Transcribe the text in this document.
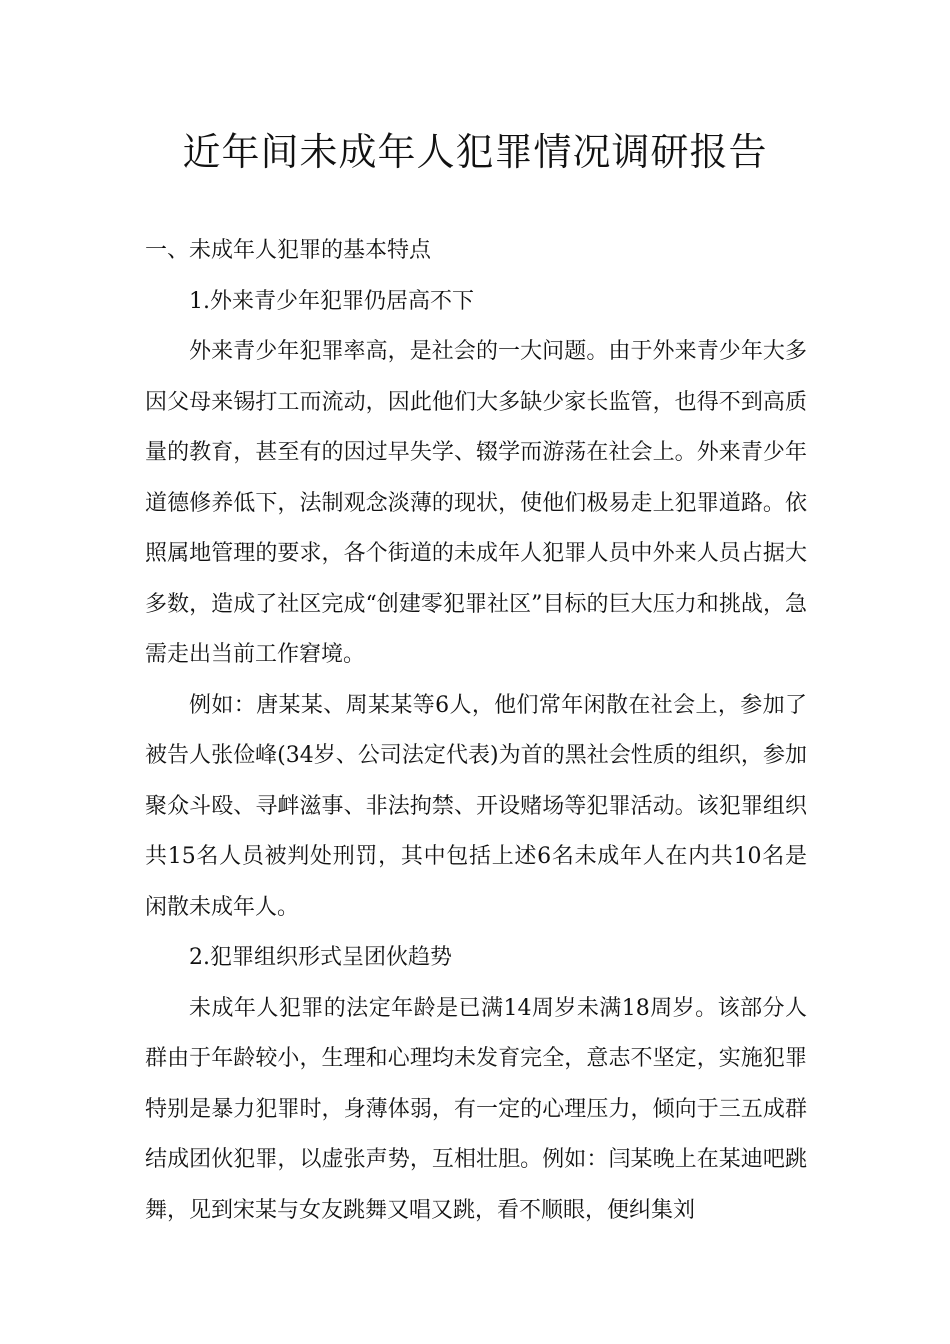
近年间未成年人犯罪情况调研报告

一、未成年人犯罪的基本特点

1.外来青少年犯罪仍居高不下

外来青少年犯罪率高，是社会的一大问题。由于外来青少年大多因父母来锡打工而流动，因此他们大多缺少家长监管，也得不到高质量的教育，甚至有的因过早失学、辍学而游荡在社会上。外来青少年道德修养低下，法制观念淡薄的现状，使他们极易走上犯罪道路。依照属地管理的要求，各个街道的未成年人犯罪人员中外来人员占据大多数，造成了社区完成“创建零犯罪社区”目标的巨大压力和挑战，急需走出当前工作窘境。

例如：唐某某、周某某等6人，他们常年闲散在社会上，参加了被告人张俭峰(34岁、公司法定代表)为首的黑社会性质的组织，参加聚众斗殴、寻衅滋事、非法拘禁、开设赌场等犯罪活动。该犯罪组织共15名人员被判处刑罚，其中包括上述6名未成年人在内共10名是闲散未成年人。

2.犯罪组织形式呈团伙趋势

未成年人犯罪的法定年龄是已满14周岁未满18周岁。该部分人群由于年龄较小，生理和心理均未发育完全，意志不坚定，实施犯罪特别是暴力犯罪时，身薄体弱，有一定的心理压力，倾向于三五成群结成团伙犯罪，以虚张声势，互相壮胆。例如：闫某晚上在某迪吧跳舞，见到宋某与女友跳舞又唱又跳，看不顺眼，便纠集刘
